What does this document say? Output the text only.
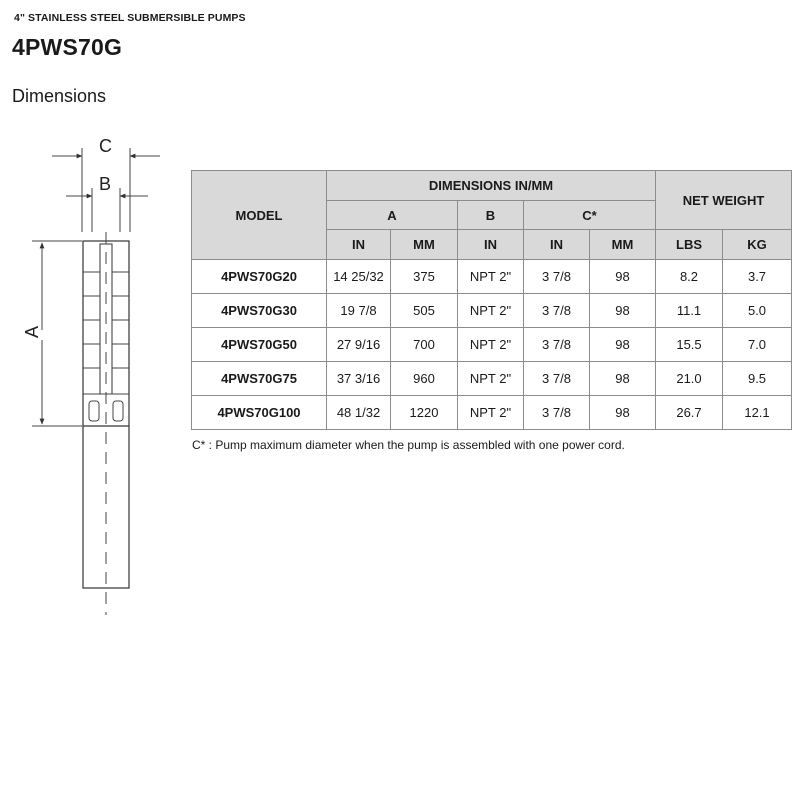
4" STAINLESS STEEL SUBMERSIBLE PUMPS
4PWS70G
Dimensions
C
B
A
MODEL	DIMENSIONS IN/MM					NET WEIGHT	
	A		B	C*			
	IN	MM	IN	IN	MM	LBS	KG
4PWS70G20	14 25/32	375	NPT 2"	3 7/8	98	8.2	3.7
4PWS70G30	19 7/8	505	NPT 2"	3 7/8	98	11.1	5.0
4PWS70G50	27 9/16	700	NPT 2"	3 7/8	98	15.5	7.0
4PWS70G75	37 3/16	960	NPT 2"	3 7/8	98	21.0	9.5
4PWS70G100	48 1/32	1220	NPT 2"	3 7/8	98	26.7	12.1
C* : Pump maximum diameter when the pump is assembled with one power cord.
